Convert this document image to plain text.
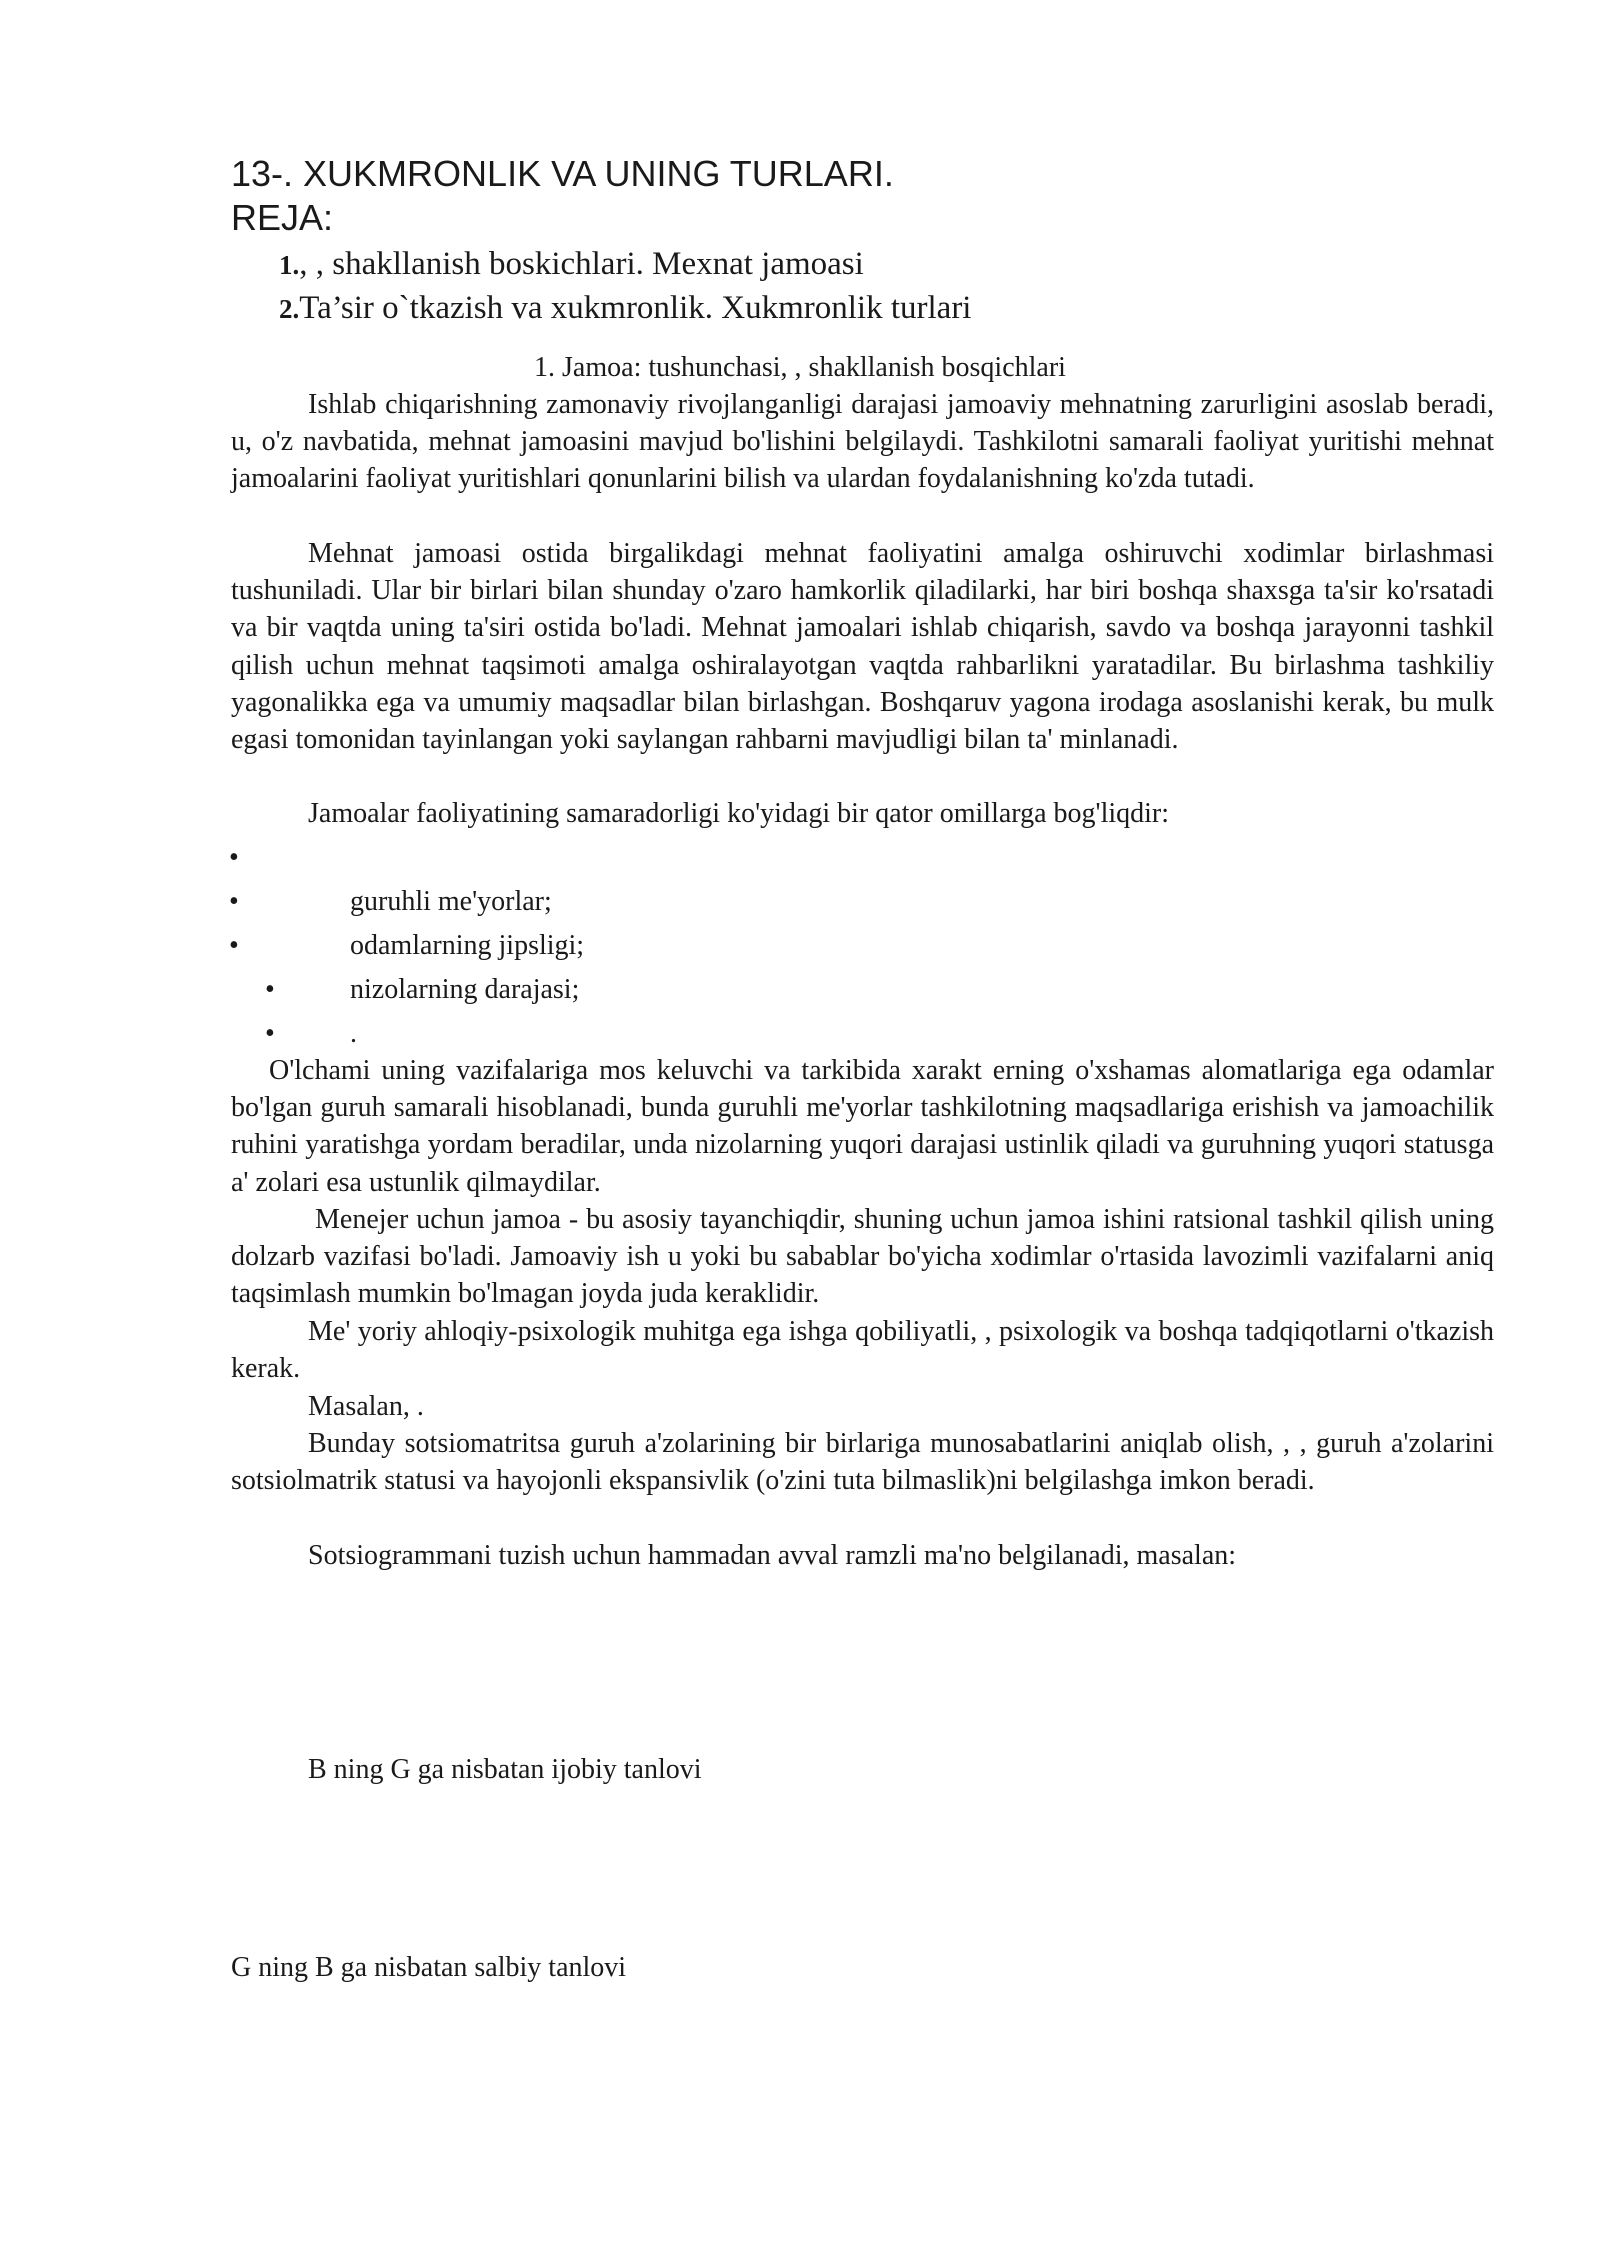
13-. XUKMRONLIK VA UNING TURLARI.
REJA:
1., , shakllanish boskichlari. Mexnat jamoasi
2.Ta’sir o`tkazish va xukmronlik. Xukmronlik turlari
1. Jamoa: tushunchasi, , shakllanish bosqichlari
Ishlab chiqarishning zamonaviy rivojlanganligi darajasi jamoaviy mehnatning zarurligini asoslab beradi, u, o'z navbatida, mehnat jamoasini mavjud bo'lishini belgilaydi. Tashkilotni samarali faoliyat yuritishi mehnat jamoalarini faoliyat yuritishlari qonunlarini bilish va ulardan foydalanishning ko'zda tutadi.
Mehnat jamoasi ostida birgalikdagi mehnat faoliyatini amalga oshiruvchi xodimlar birlashmasi tushuniladi. Ular bir birlari bilan shunday o'zaro hamkorlik qiladilarki, har biri boshqa shaxsga ta'sir ko'rsatadi va bir vaqtda uning ta'siri ostida bo'ladi. Mehnat jamoalari ishlab chiqarish, savdo va boshqa jarayonni tashkil qilish uchun mehnat taqsimoti amalga oshiralayotgan vaqtda rahbarlikni yaratadilar. Bu birlashma tashkiliy yagonalikka ega va umumiy maqsadlar bilan birlashgan. Boshqaruv yagona irodaga asoslanishi kerak, bu mulk egasi tomonidan tayinlangan yoki saylangan rahbarni mavjudligi bilan ta' minlanadi.
Jamoalar faoliyatining samaradorligi ko'yidagi bir qator omillarga bog'liqdir:
•
•	guruhli me'yorlar;
•	odamlarning jipsligi;
•	nizolarning darajasi;
•	.
O'lchami uning vazifalariga mos keluvchi va tarkibida xarakt erning o'xshamas alomatlariga ega odamlar bo'lgan guruh samarali hisoblanadi, bunda guruhli me'yorlar tashkilotning maqsadlariga erishish va jamoachilik ruhini yaratishga yordam beradilar, unda nizolarning yuqori darajasi ustinlik qiladi va guruhning yuqori statusga a' zolari esa ustunlik qilmaydilar.
Menejer uchun jamoa - bu asosiy tayanchiqdir, shuning uchun jamoa ishini ratsional tashkil qilish uning dolzarb vazifasi bo'ladi. Jamoaviy ish u yoki bu sabablar bo'yicha xodimlar o'rtasida lavozimli vazifalarni aniq taqsimlash mumkin bo'lmagan joyda juda keraklidir.
Me' yoriy ahloqiy-psixologik muhitga ega ishga qobiliyatli, , psixologik va boshqa tadqiqotlarni o'tkazish kerak.
Masalan, .
Bunday sotsiomatritsa guruh a'zolarining bir birlariga munosabatlarini aniqlab olish, , , guruh a'zolarini sotsiolmatrik statusi va hayojonli ekspansivlik (o'zini tuta bilmaslik)ni belgilashga imkon beradi.
Sotsiogrammani tuzish uchun hammadan avval ramzli ma'no belgilanadi, masalan:
B ning G ga nisbatan ijobiy tanlovi
G ning B ga nisbatan salbiy tanlovi
